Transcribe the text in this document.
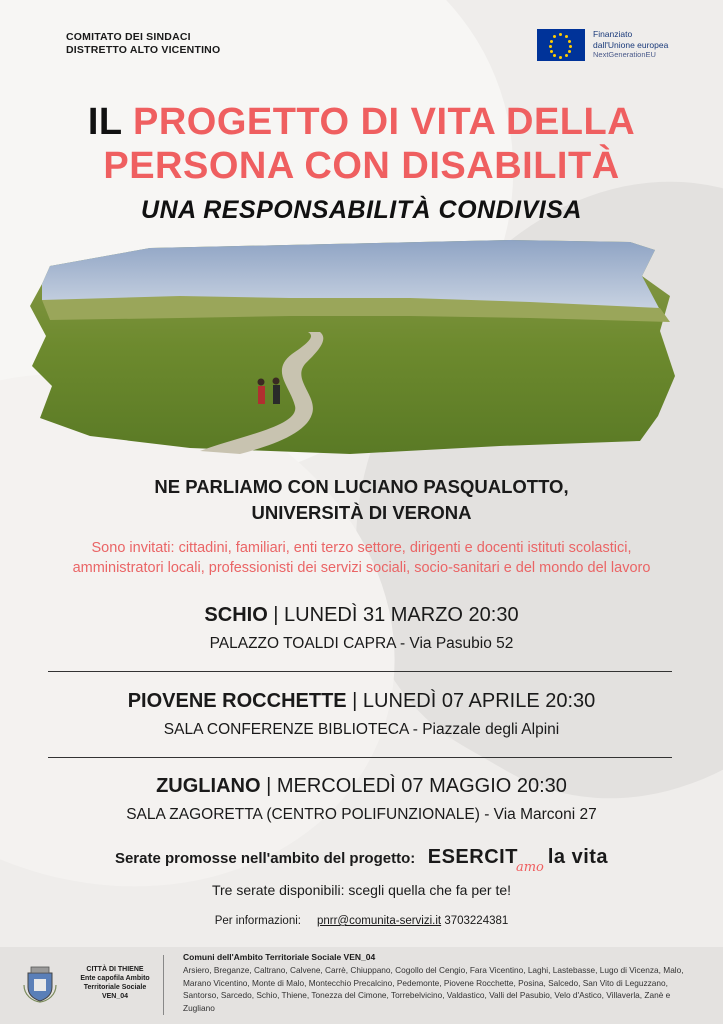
COMITATO DEI SINDACI
DISTRETTO ALTO VICENTINO
Finanziato
dall'Unione europea
NextGenerationEU
IL PROGETTO DI VITA DELLA
PERSONA CON DISABILITÀ
UNA RESPONSABILITÀ CONDIVISA
NE PARLIAMO CON LUCIANO PASQUALOTTO,
UNIVERSITÀ DI VERONA
Sono invitati: cittadini, familiari, enti terzo settore, dirigenti e docenti istituti scolastici,
amministratori locali, professionisti dei servizi sociali, socio-sanitari e del mondo del lavoro
SCHIO | LUNEDÌ 31 MARZO 20:30
PALAZZO TOALDI CAPRA - Via Pasubio 52
PIOVENE ROCCHETTE | LUNEDÌ 07 APRILE 20:30
SALA CONFERENZE BIBLIOTECA - Piazzale degli Alpini
ZUGLIANO | MERCOLEDÌ 07 MAGGIO 20:30
SALA ZAGORETTA (CENTRO POLIFUNZIONALE) - Via Marconi 27
Serate promosse nell'ambito del progetto: ESERCITamo la vita
Tre serate disponibili: scegli quella che fa per te!
Per informazioni: pnrr@comunita-servizi.it 3703224381
CITTÀ DI THIENE
Ente capofila Ambito
Territoriale Sociale
VEN_04
Comuni dell'Ambito Territoriale Sociale VEN_04
Arsiero, Breganze, Caltrano, Calvene, Carrè, Chiuppano, Cogollo del Cengio, Fara Vicentino, Laghi, Lastebasse, Lugo di Vicenza, Malo, Marano Vicentino, Monte di Malo, Montecchio Precalcino, Pedemonte, Piovene Rocchette, Posina, Salcedo, San Vito di Leguzzano, Santorso, Sarcedo, Schio, Thiene, Tonezza del Cimone, Torrebelvicino, Valdastico, Valli del Pasubio, Velo d'Astico, Villaverla, Zanè e Zugliano
